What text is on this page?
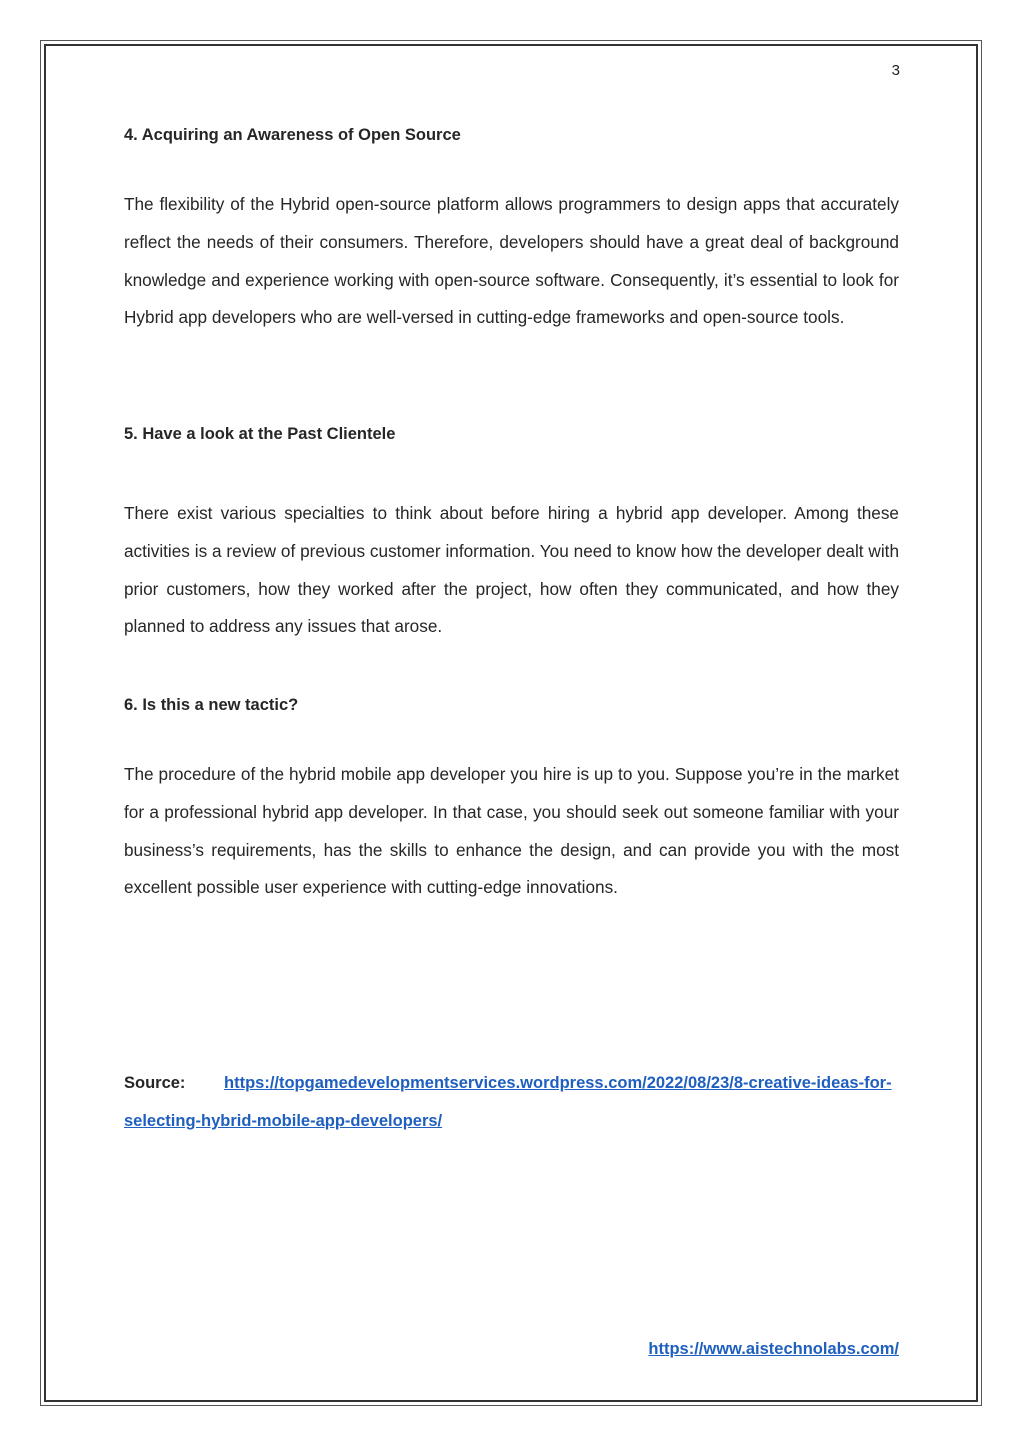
3
4. Acquiring an Awareness of Open Source
The flexibility of the Hybrid open-source platform allows programmers to design apps that accurately reflect the needs of their consumers. Therefore, developers should have a great deal of background knowledge and experience working with open-source software. Consequently, it’s essential to look for Hybrid app developers who are well-versed in cutting-edge frameworks and open-source tools.
5. Have a look at the Past Clientele
There exist various specialties to think about before hiring a hybrid app developer. Among these activities is a review of previous customer information. You need to know how the developer dealt with prior customers, how they worked after the project, how often they communicated, and how they planned to address any issues that arose.
6. Is this a new tactic?
The procedure of the hybrid mobile app developer you hire is up to you. Suppose you’re in the market for a professional hybrid app developer. In that case, you should seek out someone familiar with your business’s requirements, has the skills to enhance the design, and can provide you with the most excellent possible user experience with cutting-edge innovations.
Source: https://topgamedevelopmentservices.wordpress.com/2022/08/23/8-creative-ideas-for-selecting-hybrid-mobile-app-developers/
https://www.aistechnolabs.com/
